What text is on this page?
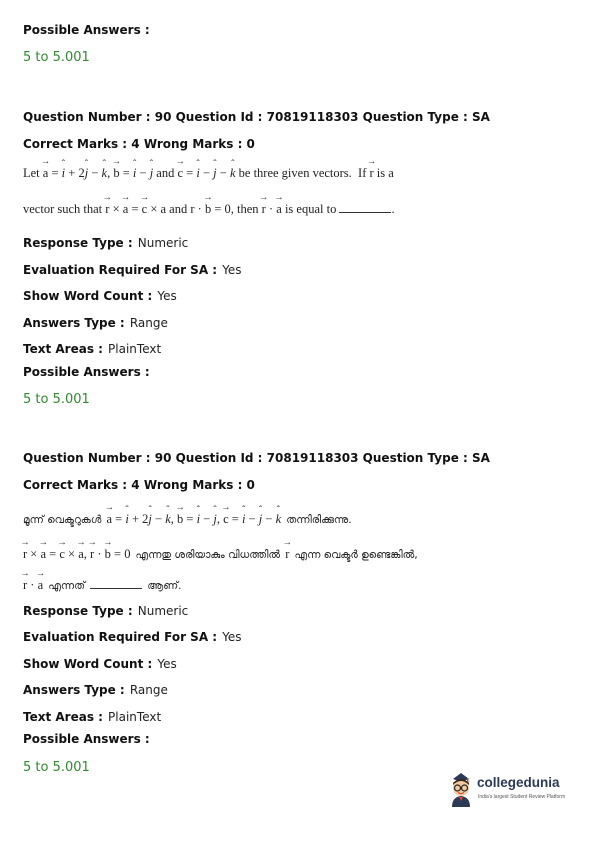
Possible Answers :
5 to 5.001
Question Number : 90 Question Id : 70819118303 Question Type : SA
Correct Marks : 4 Wrong Marks : 0
Let → a = ˆ i + 2ˆ j − ˆ k, → b = ˆ i − ˆ j and → c = ˆ i − ˆ j − ˆ k be three given vectors. If → r is a
vector such that → r × → a = → c × a and r · → b = 0, then → r · → a is equal to	.
Response Type : Numeric
Evaluation Required For SA : Yes
Show Word Count : Yes
Answers Type : Range
Text Areas : PlainText
Possible Answers :
5 to 5.001
Question Number : 90 Question Id : 70819118303 Question Type : SA
Correct Marks : 4 Wrong Marks : 0
മൂന്ന് വെക്ടറുകൾ → a = ˆ i + 2ˆ j − ˆ k, → b = ˆ i − ˆ j, → c = ˆ i − ˆ j − ˆ k തന്നിരിക്കുന്നു.
→ r × → a = → c × → a, → r · → b = 0 എന്നതു ശരിയാകും വിധത്തിൽ → r എന്ന വെക്ടർ ഉണ്ടെങ്കിൽ,
→ r · → a എന്നത്	ആണ്.
Response Type : Numeric
Evaluation Required For SA : Yes
Show Word Count : Yes
Answers Type : Range
Text Areas : PlainText
Possible Answers :
5 to 5.001
collegedunia
India's largest Student Review Platform
